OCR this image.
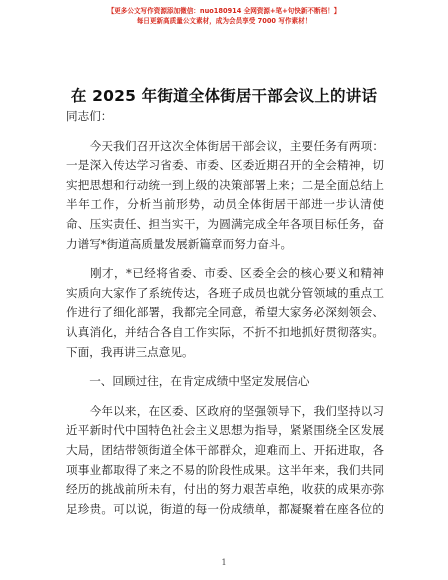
【更多公文写作资源添加微信：nuo180914 全网资源+笔+句快新不断档！】
每日更新高质量公文素材，成为会员享受 7000 写作素材！
在 2025 年街道全体街居干部会议上的讲话
同志们：
　　今天我们召开这次全体街居干部会议，主要任务有两项：
一是深入传达学习省委、市委、区委近期召开的全会精神，切
实把思想和行动统一到上级的决策部署上来；二是全面总结上
半年工作，分析当前形势，动员全体街居干部进一步认清使
命、压实责任、担当实干，为圆满完成全年各项目标任务，奋
力谱写*街道高质量发展新篇章而努力奋斗。
　　刚才，*已经将省委、市委、区委全会的核心要义和精神
实质向大家作了系统传达，各班子成员也就分管领域的重点工
作进行了细化部署，我都完全同意，希望大家务必深刻领会、
认真消化，并结合各自工作实际，不折不扣地抓好贯彻落实。
下面，我再讲三点意见。
　　一、回顾过往，在肯定成绩中坚定发展信心
　　今年以来，在区委、区政府的坚强领导下，我们坚持以习
近平新时代中国特色社会主义思想为指导，紧紧围绕全区发展
大局，团结带领街道全体干部群众，迎难而上、开拓进取，各
项事业都取得了来之不易的阶段性成果。这半年来，我们共同
经历的挑战前所未有，付出的努力艰苦卓绝，收获的成果亦弥
足珍贵。可以说，街道的每一份成绩单，都凝聚着在座各位的
1
